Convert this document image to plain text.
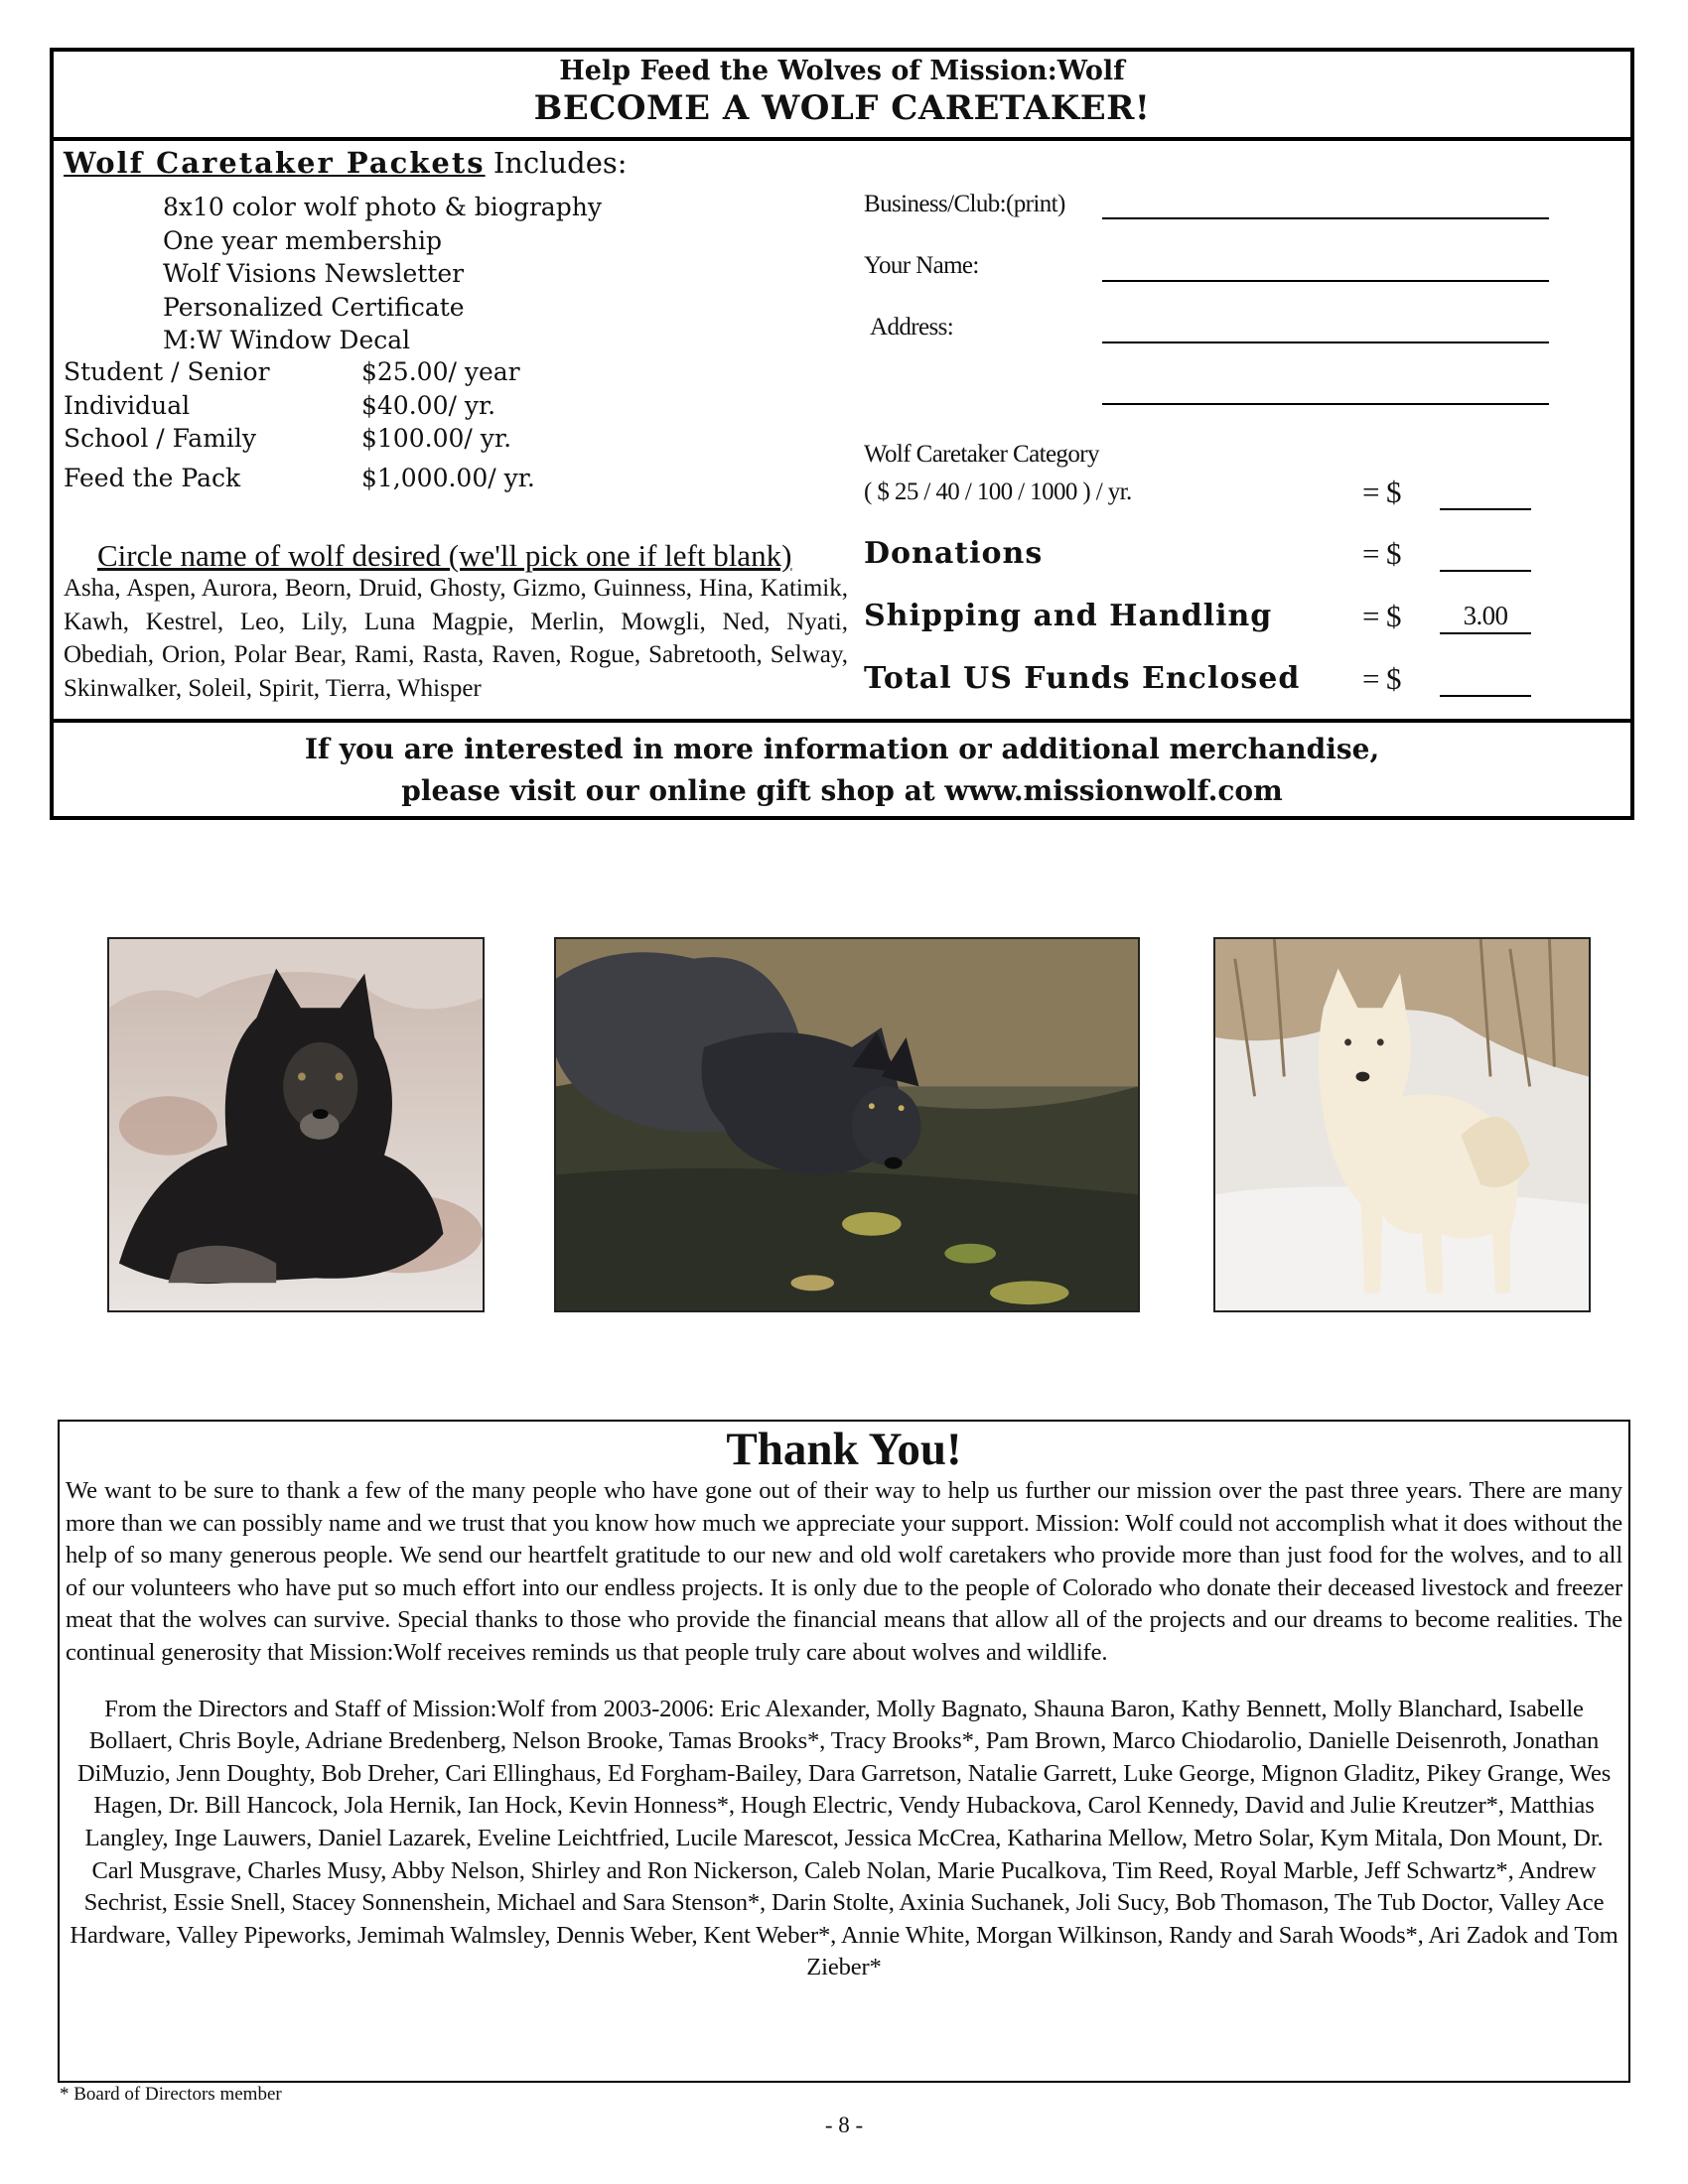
Help Feed the Wolves of Mission:Wolf
BECOME A WOLF CARETAKER!
Wolf Caretaker Packets Includes:
8x10 color wolf photo & biography
One year membership
Wolf Visions Newsletter
Personalized Certificate
M:W Window Decal
Student / Senior	$25.00/ year
Individual	$40.00/ yr.
School / Family	$100.00/ yr.
Feed the Pack	$1,000.00/ yr.
Circle name of wolf desired (we'll pick one if left blank)
Asha, Aspen, Aurora, Beorn, Druid, Ghosty, Gizmo, Guinness, Hina, Katimik, Kawh, Kestrel, Leo, Lily, Luna Magpie, Merlin, Mowgli, Ned, Nyati, Obediah, Orion, Polar Bear, Rami, Rasta, Raven, Rogue, Sabretooth, Selway, Skinwalker, Soleil, Spirit, Tierra, Whisper
Business/Club:(print)
Your Name:
Address:
Wolf Caretaker Category
( $ 25 / 40 / 100 / 1000 ) / yr.	= $
Donations	= $
Shipping and Handling	= $	3.00
Total US Funds Enclosed = $
If you are interested in more information or additional merchandise,
please visit our online gift shop at www.missionwolf.com
Thank You!

We want to be sure to thank a few of the many people who have gone out of their way to help us further our mission over the past three years. There are many more than we can possibly name and we trust that you know how much we appreciate your support. Mission: Wolf could not accomplish what it does without the help of so many generous people. We send our heartfelt gratitude to our new and old wolf caretakers who provide more than just food for the wolves, and to all of our volunteers who have put so much effort into our endless projects. It is only due to the people of Colorado who donate their deceased livestock and freezer meat that the wolves can survive. Special thanks to those who provide the financial means that allow all of the projects and our dreams to become realities. The continual generosity that Mission:Wolf receives reminds us that people truly care about wolves and wildlife.

From the Directors and Staff of Mission:Wolf from 2003-2006: Eric Alexander, Molly Bagnato, Shauna Baron, Kathy Bennett, Molly Blanchard, Isabelle Bollaert, Chris Boyle, Adriane Bredenberg, Nelson Brooke, Tamas Brooks*, Tracy Brooks*, Pam Brown, Marco Chiodarolio, Danielle Deisenroth, Jonathan DiMuzio, Jenn Doughty, Bob Dreher, Cari Ellinghaus, Ed Forgham-Bailey, Dara Garretson, Natalie Garrett, Luke George, Mignon Gladitz, Pikey Grange, Wes Hagen, Dr. Bill Hancock, Jola Hernik, Ian Hock, Kevin Honness*, Hough Electric, Vendy Hubackova, Carol Kennedy, David and Julie Kreutzer*, Matthias Langley, Inge Lauwers, Daniel Lazarek, Eveline Leichtfried, Lucile Marescot, Jessica McCrea, Katharina Mellow, Metro Solar, Kym Mitala, Don Mount, Dr. Carl Musgrave, Charles Musy, Abby Nelson, Shirley and Ron Nickerson, Caleb Nolan, Marie Pucalkova, Tim Reed, Royal Marble, Jeff Schwartz*, Andrew Sechrist, Essie Snell, Stacey Sonnenshein, Michael and Sara Stenson*, Darin Stolte, Axinia Suchanek, Joli Sucy, Bob Thomason, The Tub Doctor, Valley Ace Hardware, Valley Pipeworks, Jemimah Walmsley, Dennis Weber, Kent Weber*, Annie White, Morgan Wilkinson, Randy and Sarah Woods*, Ari Zadok and Tom Zieber*

* Board of Directors member
- 8 -
